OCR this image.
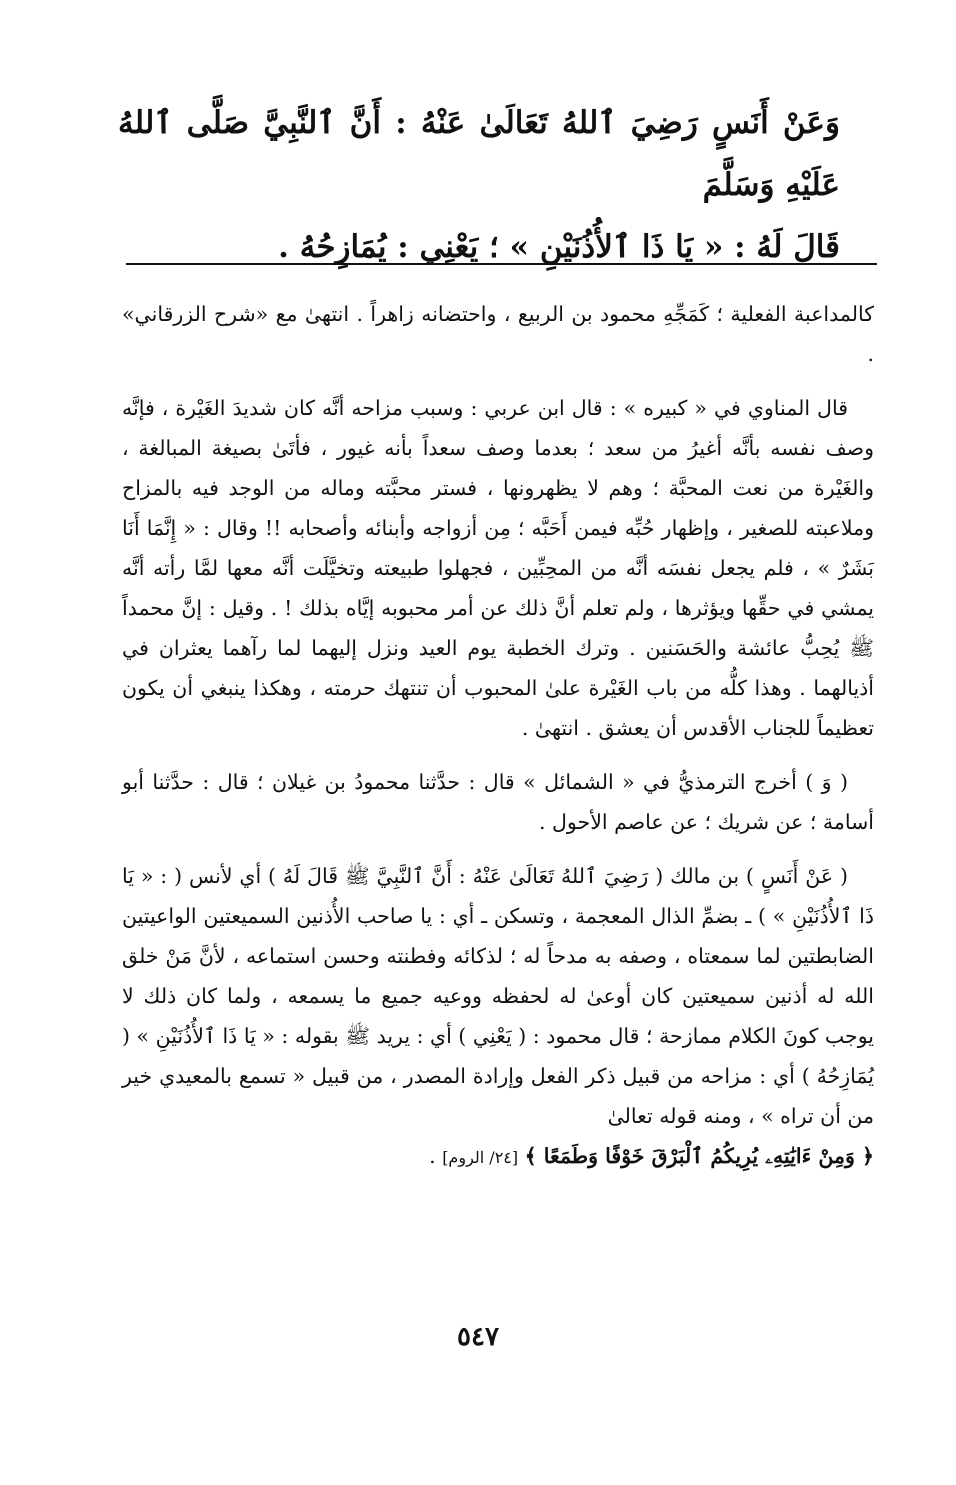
وَعَنْ أَنَسٍ رَضِيَ ٱللهُ تَعَالَىٰ عَنْهُ : أَنَّ ٱلنَّبِيَّ صَلَّى ٱللهُ عَلَيْهِ وَسَلَّمَ

قَالَ لَهُ : « يَا ذَا ٱلأُذُنَيْنِ » ؛ يَعْنِي : يُمَازِحُهُ .

كالمداعبة الفعلية ؛ كَمَجِّهِ محمود بن الربيع ، واحتضانه زاهراً . انتهىٰ مع «شرح الزرقاني» .

قال المناوي في « كبيره » : قال ابن عربي : وسبب مزاحه أنَّه كان شديدَ الغَيْرة ، فإنَّه وصف نفسه بأنَّه أغيرُ من سعد ؛ بعدما وصف سعداً بأنه غيور ، فأتَىٰ بصيغة المبالغة ، والغَيْرة من نعت المحبَّة ؛ وهم لا يظهرونها ، فستر محبَّته وماله من الوجد فيه بالمزاح وملاعبته للصغير ، وإظهار حُبِّه فيمن أَحَبَّه ؛ مِن أزواجه وأبنائه وأصحابه !! وقال : « إِنَّمَا أَنَا بَشَرٌ » ، فلم يجعل نفسَه أنَّه من المحِبِّين ، فجهلوا طبيعته وتخيَّلَت أنَّه معها لمَّا رأته أنَّه يمشي في حقِّها ويؤثرها ، ولم تعلم أنَّ ذلك عن أمر محبوبه إيَّاه بذلك ! . وقيل : إنَّ محمداً ﷺ يُحِبُّ عائشة والحَسَنين . وترك الخطبة يوم العيد ونزل إليهما لما رآهما يعثران في أذيالهما . وهذا كلُّه من باب الغَيْرة علىٰ المحبوب أن تنتهك حرمته ، وهكذا ينبغي أن يكون تعظيماً للجناب الأقدس أن يعشق . انتهىٰ .

( وَ ) أخرج الترمذيُّ في « الشمائل » قال : حدَّثنا محمودُ بن غيلان ؛ قال : حدَّثنا أبو أسامة ؛ عن شريك ؛ عن عاصم الأحول .

( عَنْ أَنَسٍ ) بن مالك ( رَضِيَ ٱللهُ تَعَالَىٰ عَنْهُ : أَنَّ ٱلنَّبِيَّ ﷺ قَالَ لَهُ ) أي لأنس ( : « يَا ذَا ٱلأُذُنَيْنِ » ) ـ بضمِّ الذال المعجمة ، وتسكن ـ أي : يا صاحب الأُذنين السميعتين الواعيتين الضابطتين لما سمعتاه ، وصفه به مدحاً له ؛ لذكائه وفطنته وحسن استماعه ، لأنَّ مَنْ خلق الله له أذنين سميعتين كان أوعىٰ له لحفظه ووعيه جميع ما يسمعه ، ولما كان ذلك لا يوجب كونَ الكلام ممازحة ؛ قال محمود : ( يَعْنِي ) أي : يريد ﷺ بقوله : « يَا ذَا ٱلأُذُنَيْنِ » ( يُمَازِحُهُ ) أي : مزاحه من قبيل ذكر الفعل وإرادة المصدر ، من قبيل « تسمع بالمعيدي خير من أن تراه » ، ومنه قوله تعالىٰ

﴿ وَمِنْ ءَايَٰتِهِۦ يُرِيكُمُ ٱلْبَرْقَ خَوْفًا وَطَمَعًا ﴾ [٢٤/ الروم] .

٥٤٧
